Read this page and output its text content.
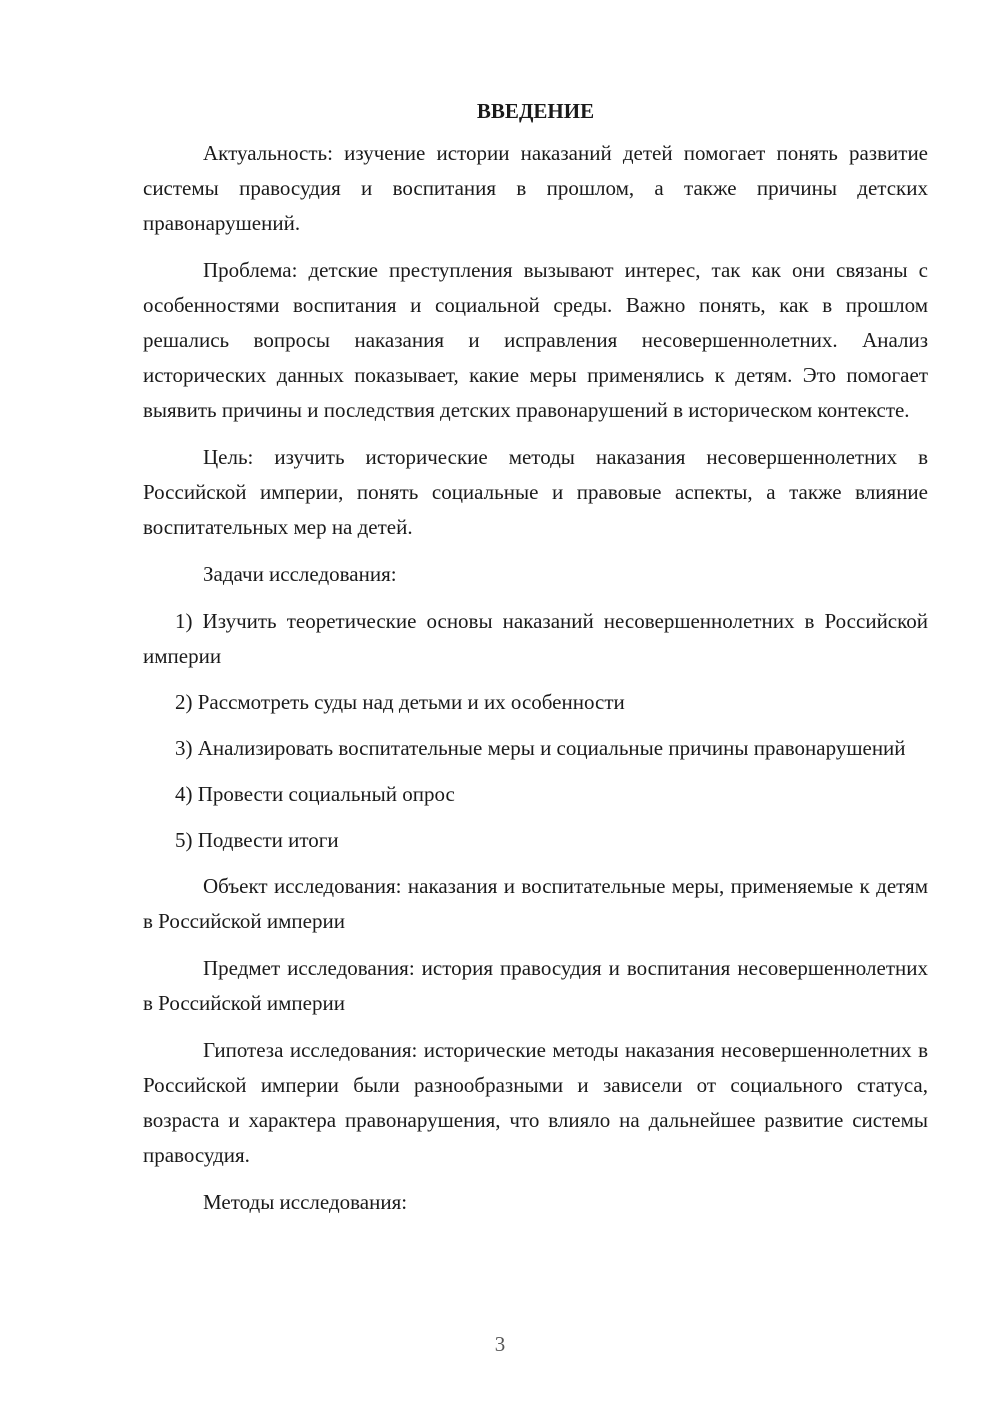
ВВЕДЕНИЕ

Актуальность: изучение истории наказаний детей помогает понять развитие системы правосудия и воспитания в прошлом, а также причины детских правонарушений.

Проблема: детские преступления вызывают интерес, так как они связаны с особенностями воспитания и социальной среды. Важно понять, как в прошлом решались вопросы наказания и исправления несовершеннолетних. Анализ исторических данных показывает, какие меры применялись к детям. Это помогает выявить причины и последствия детских правонарушений в историческом контексте.

Цель: изучить исторические методы наказания несовершеннолетних в Российской империи, понять социальные и правовые аспекты, а также влияние воспитательных мер на детей.

Задачи исследования:

1) Изучить теоретические основы наказаний несовершеннолетних в Российской империи

2) Рассмотреть суды над детьми и их особенности

3) Анализировать воспитательные меры и социальные причины правонарушений

4) Провести социальный опрос

5) Подвести итоги

Объект исследования: наказания и воспитательные меры, применяемые к детям в Российской империи

Предмет исследования: история правосудия и воспитания несовершеннолетних в Российской империи

Гипотеза исследования: исторические методы наказания несовершеннолетних в Российской империи были разнообразными и зависели от социального статуса, возраста и характера правонарушения, что влияло на дальнейшее развитие системы правосудия.

Методы исследования:

3
